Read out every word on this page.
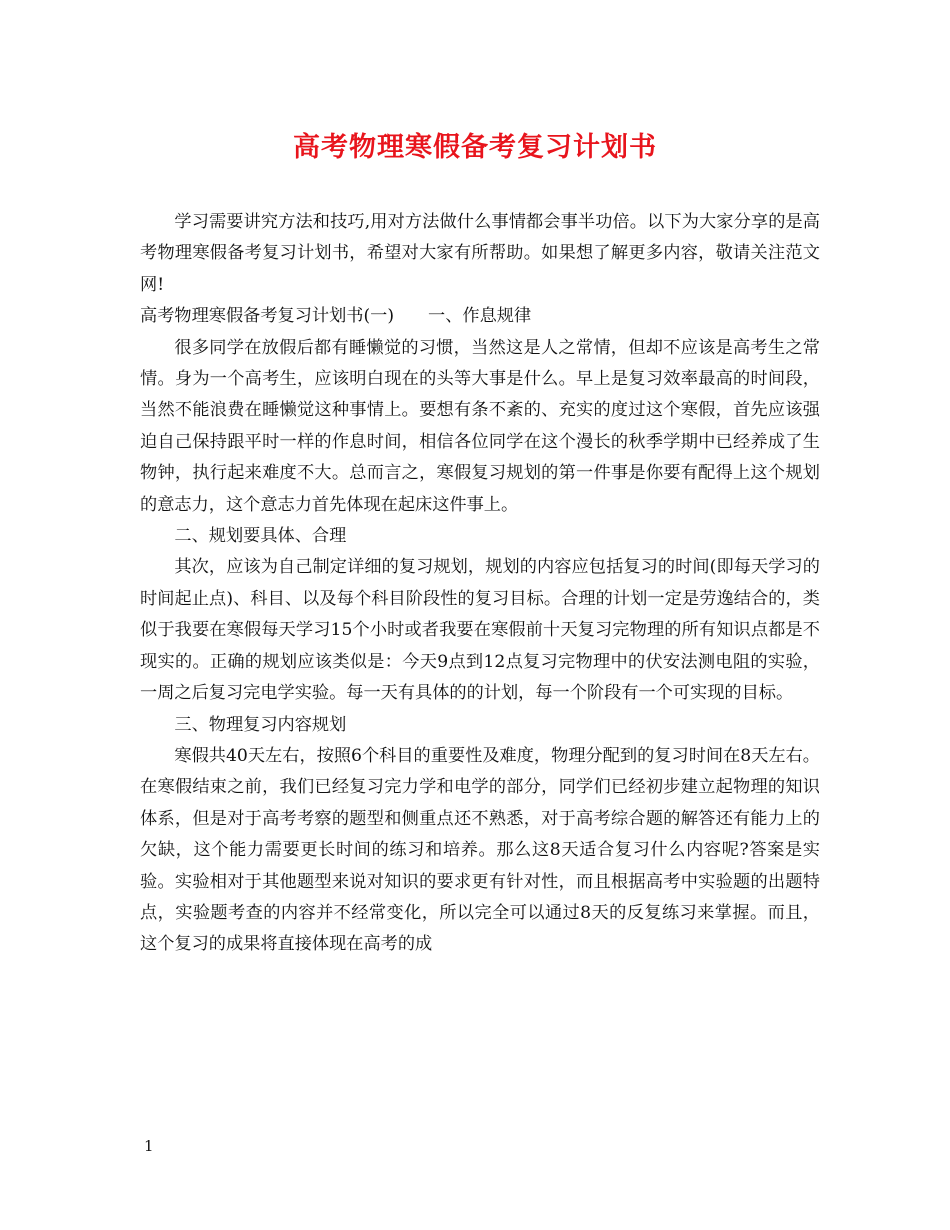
高考物理寒假备考复习计划书

学习需要讲究方法和技巧,用对方法做什么事情都会事半功倍。以下为大家分享的是高考物理寒假备考复习计划书，希望对大家有所帮助。如果想了解更多内容，敬请关注范文网!

高考物理寒假备考复习计划书(一) 一、作息规律

很多同学在放假后都有睡懒觉的习惯，当然这是人之常情，但却不应该是高考生之常情。身为一个高考生，应该明白现在的头等大事是什么。早上是复习效率最高的时间段，当然不能浪费在睡懒觉这种事情上。要想有条不紊的、充实的度过这个寒假，首先应该强迫自己保持跟平时一样的作息时间，相信各位同学在这个漫长的秋季学期中已经养成了生物钟，执行起来难度不大。总而言之，寒假复习规划的第一件事是你要有配得上这个规划的意志力，这个意志力首先体现在起床这件事上。

二、规划要具体、合理

其次，应该为自己制定详细的复习规划，规划的内容应包括复习的时间(即每天学习的时间起止点)、科目、以及每个科目阶段性的复习目标。合理的计划一定是劳逸结合的，类似于我要在寒假每天学习15个小时或者我要在寒假前十天复习完物理的所有知识点都是不现实的。正确的规划应该类似是：今天9点到12点复习完物理中的伏安法测电阻的实验，一周之后复习完电学实验。每一天有具体的的计划，每一个阶段有一个可实现的目标。

三、物理复习内容规划

寒假共40天左右，按照6个科目的重要性及难度，物理分配到的复习时间在8天左右。在寒假结束之前，我们已经复习完力学和电学的部分，同学们已经初步建立起物理的知识体系，但是对于高考考察的题型和侧重点还不熟悉，对于高考综合题的解答还有能力上的欠缺，这个能力需要更长时间的练习和培养。那么这8天适合复习什么内容呢?答案是实验。实验相对于其他题型来说对知识的要求更有针对性，而且根据高考中实验题的出题特点，实验题考查的内容并不经常变化，所以完全可以通过8天的反复练习来掌握。而且，这个复习的成果将直接体现在高考的成

1
